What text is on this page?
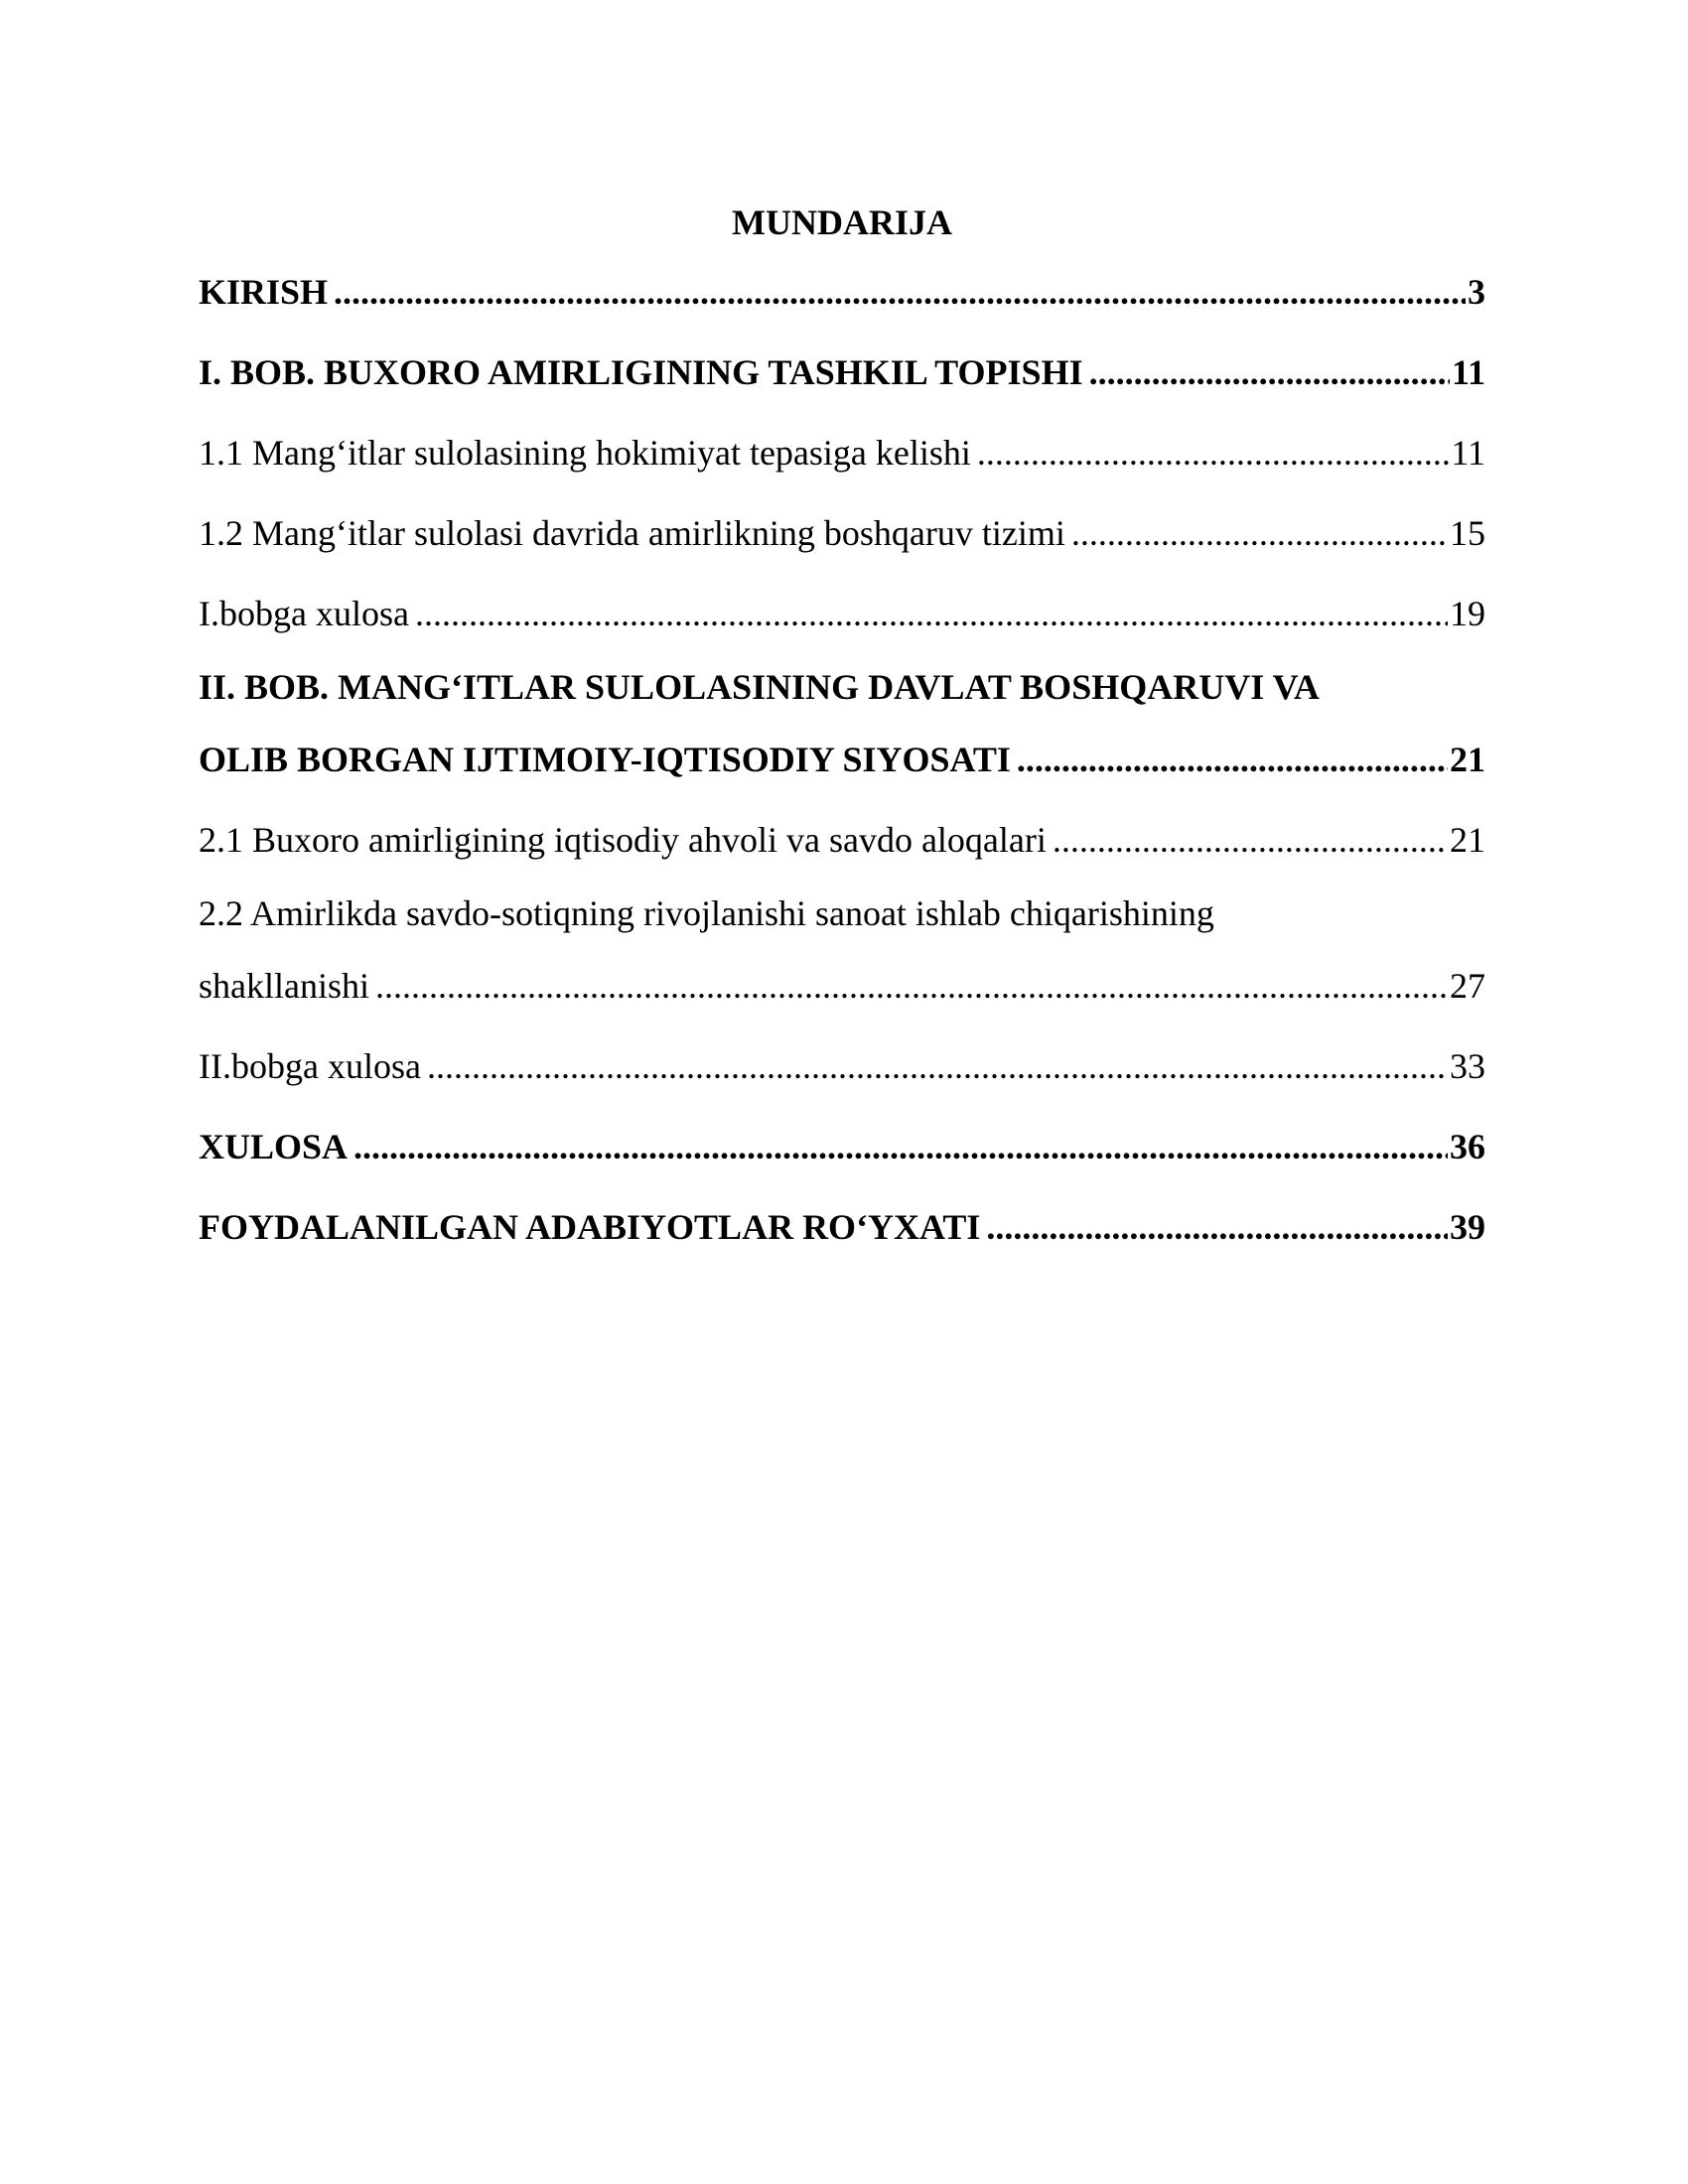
MUNDARIJA
KIRISH .....	3
I. BOB. BUXORO AMIRLIGINING TASHKIL TOPISHI .....	11
1.1 Mang‘itlar sulolasining hokimiyat tepasiga kelishi .....	11
1.2 Mang‘itlar sulolasi davrida amirlikning boshqaruv tizimi .....	15
I.bobga xulosa .....	19
II. BOB. MANG‘ITLAR SULOLASINING DAVLAT BOSHQARUVI VA
OLIB BORGAN IJTIMOIY-IQTISODIY SIYOSATI .....	21
2.1 Buxoro amirligining iqtisodiy ahvoli va savdo aloqalari .....	21
2.2 Amirlikda savdo-sotiqning rivojlanishi sanoat ishlab chiqarishining
shakllanishi .....	27
II.bobga xulosa .....	33
XULOSA .....	36
FOYDALANILGAN ADABIYOTLAR RO‘YXATI .....	39
